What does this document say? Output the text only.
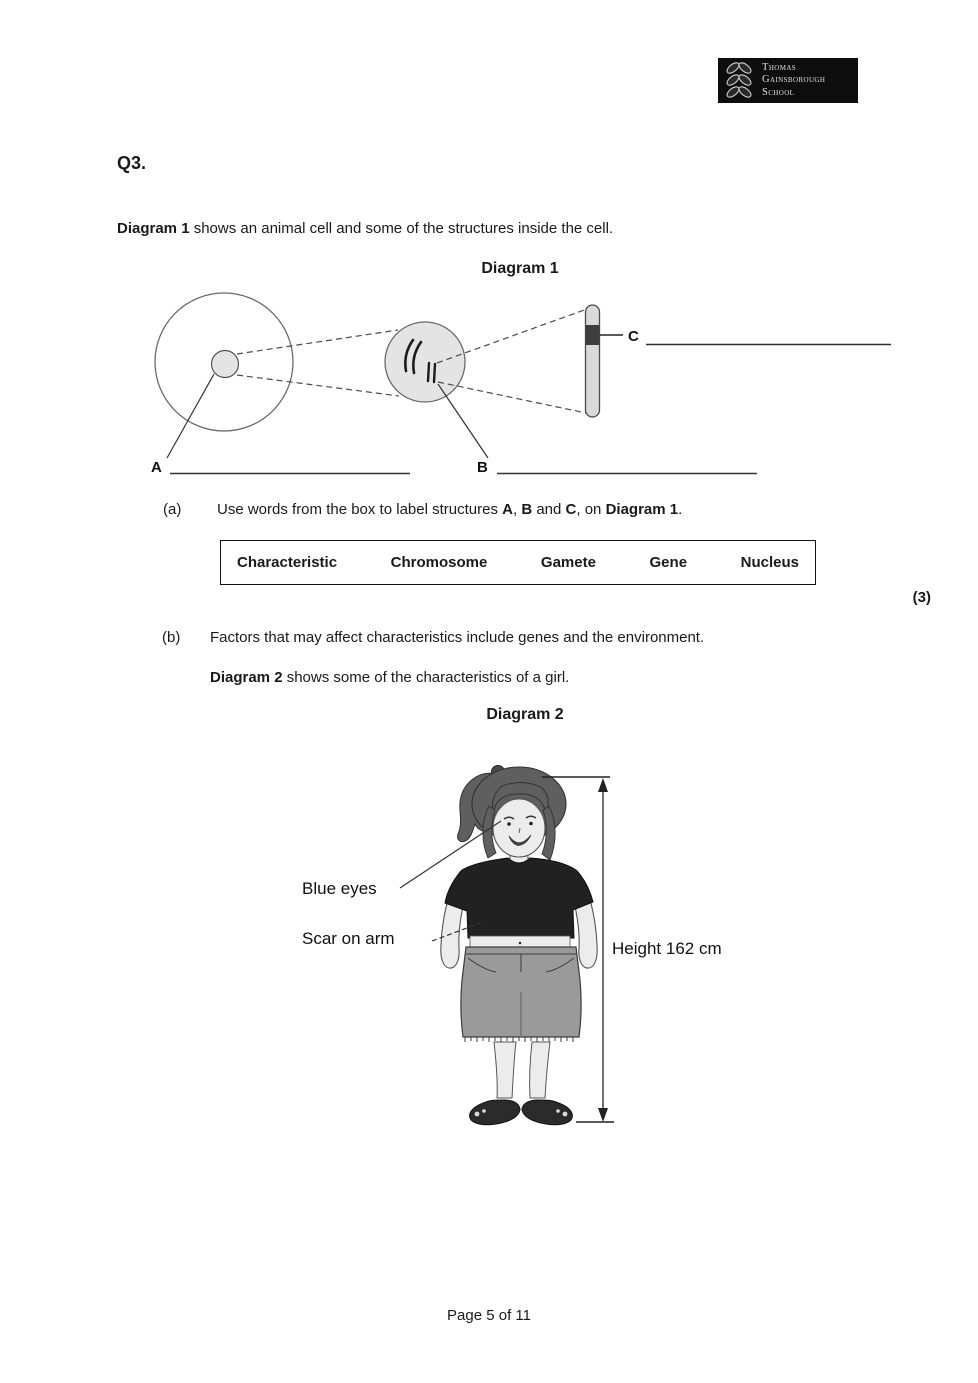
Thomas
Gainsborough
School
Q3.
Diagram 1 shows an animal cell and some of the structures inside the cell.
Diagram 1
C
A	B
(a) Use words from the box to label structures A, B and C, on Diagram 1.
Characteristic	Chromosome	Gamete	Gene	Nucleus
(3)
(b) Factors that may affect characteristics include genes and the environment.
Diagram 2 shows some of the characteristics of a girl.
Diagram 2
Blue eyes
Scar on arm
Height 162 cm
Page 5 of 11
